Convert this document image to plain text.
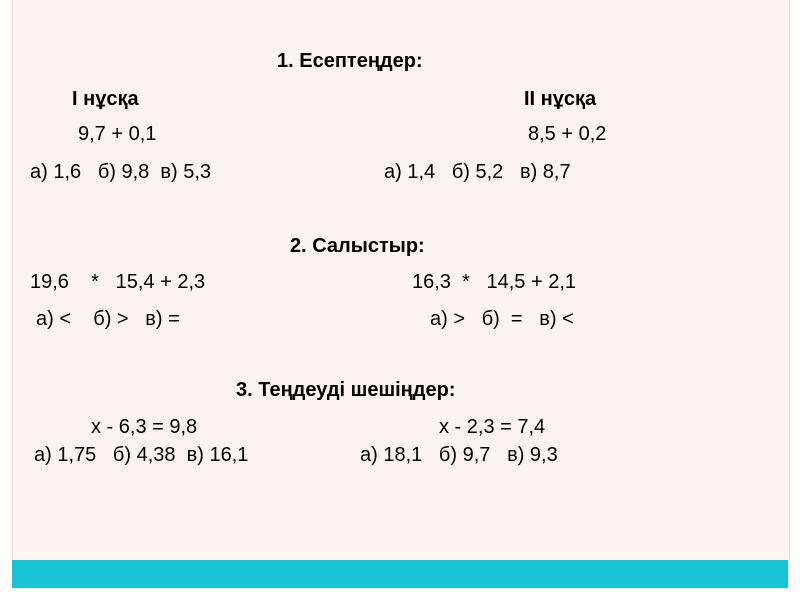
1. Есептеңдер:
I нұсқа	II нұсқа
9,7 + 0,1	8,5 + 0,2
а) 1,6   б) 9,8  в) 5,3	а) 1,4   б) 5,2   в) 8,7
2. Салыстыр:
19,6    *   15,4 + 2,3	16,3  *   14,5 + 2,1
а) <    б) >   в) =	а) >   б)  =   в) <
3. Теңдеуді шешіңдер:
х - 6,3 = 9,8	х - 2,3 = 7,4
а) 1,75   б) 4,38  в) 16,1	а) 18,1   б) 9,7   в) 9,3
